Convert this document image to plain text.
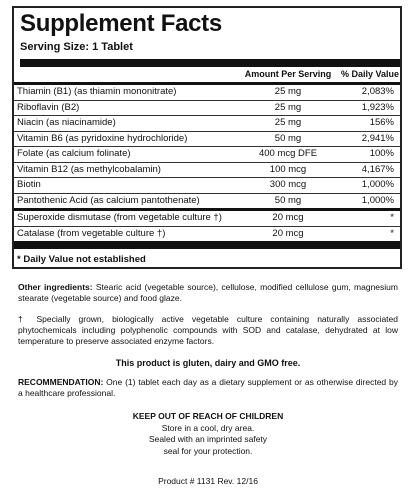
Supplement Facts
Serving Size: 1 Tablet
Amount Per Serving	% Daily Value
Thiamin (B1) (as thiamin mononitrate)	25 mg	2,083%
Riboflavin (B2)	25 mg	1,923%
Niacin (as niacinamide)	25 mg	156%
Vitamin B6 (as pyridoxine hydrochloride)	50 mg	2,941%
Folate (as calcium folinate)	400 mcg DFE	100%
Vitamin B12 (as methylcobalamin)	100 mcg	4,167%
Biotin	300 mcg	1,000%
Pantothenic Acid (as calcium pantothenate)	50 mg	1,000%
Superoxide dismutase (from vegetable culture †)	20 mcg	*
Catalase (from vegetable culture †)	20 mcg	*
* Daily Value not established
Other ingredients: Stearic acid (vegetable source), cellulose, modified cellulose gum, magnesium stearate (vegetable source) and food glaze.
† Specially grown, biologically active vegetable culture containing naturally associated phytochemicals including polyphenolic compounds with SOD and catalase, dehydrated at low temperature to preserve associated enzyme factors.
This product is gluten, dairy and GMO free.
RECOMMENDATION: One (1) tablet each day as a dietary supplement or as otherwise directed by a healthcare professional.
KEEP OUT OF REACH OF CHILDREN
Store in a cool, dry area.
Sealed with an imprinted safety
seal for your protection.
Product # 1131 Rev. 12/16
